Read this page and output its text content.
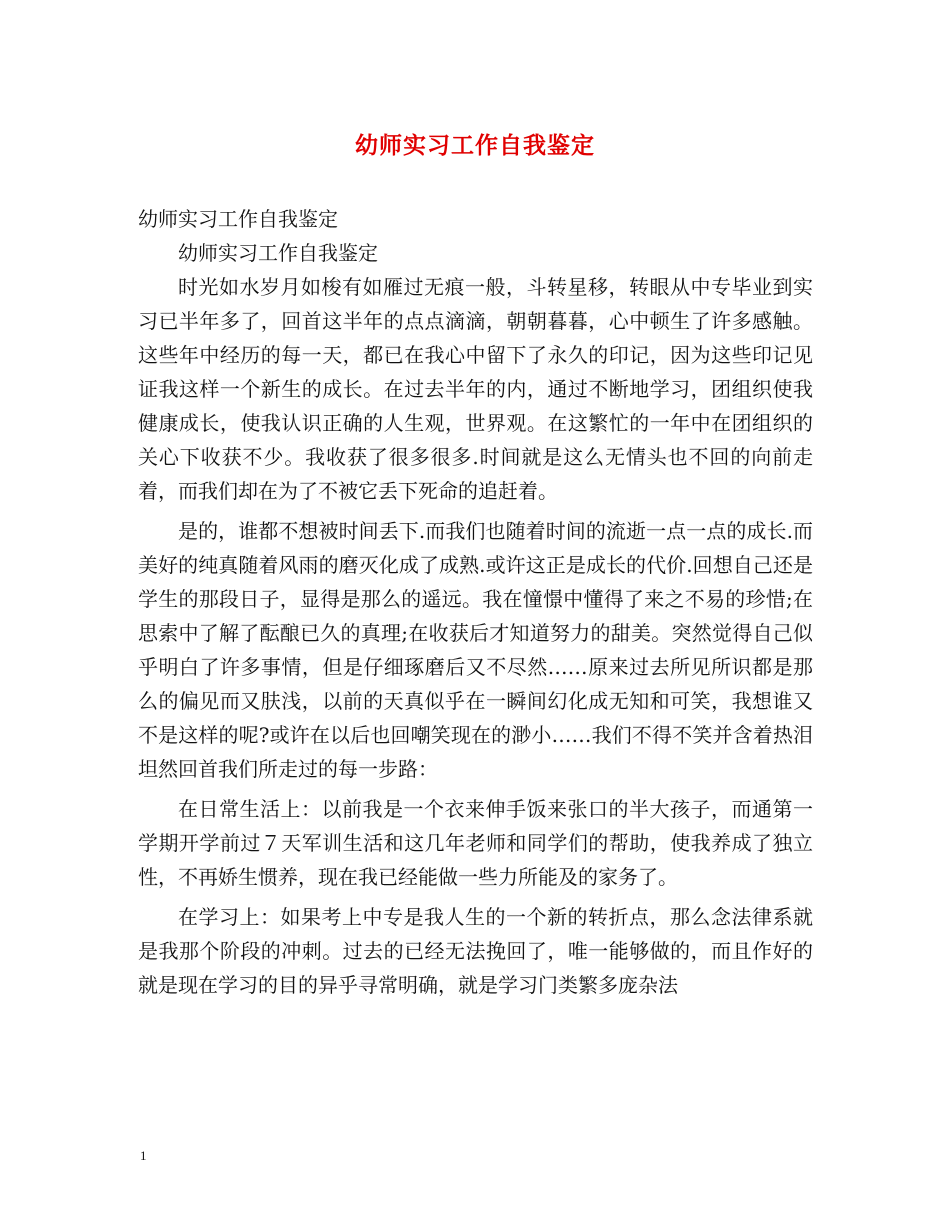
幼师实习工作自我鉴定

幼师实习工作自我鉴定

幼师实习工作自我鉴定

时光如水岁月如梭有如雁过无痕一般，斗转星移，转眼从中专毕业到实习已半年多了，回首这半年的点点滴滴，朝朝暮暮，心中顿生了许多感触。这些年中经历的每一天，都已在我心中留下了永久的印记，因为这些印记见证我这样一个新生的成长。在过去半年的内，通过不断地学习，团组织使我健康成长，使我认识正确的人生观，世界观。在这繁忙的一年中在团组织的关心下收获不少。我收获了很多很多.时间就是这么无情头也不回的向前走着，而我们却在为了不被它丢下死命的追赶着。

是的，谁都不想被时间丢下.而我们也随着时间的流逝一点一点的成长.而美好的纯真随着风雨的磨灭化成了成熟.或许这正是成长的代价.回想自己还是学生的那段日子，显得是那么的遥远。我在憧憬中懂得了来之不易的珍惜;在思索中了解了酝酿已久的真理;在收获后才知道努力的甜美。突然觉得自己似乎明白了许多事情，但是仔细琢磨后又不尽然……原来过去所见所识都是那么的偏见而又肤浅，以前的天真似乎在一瞬间幻化成无知和可笑，我想谁又不是这样的呢?或许在以后也回嘲笑现在的渺小……我们不得不笑并含着热泪坦然回首我们所走过的每一步路：

在日常生活上：以前我是一个衣来伸手饭来张口的半大孩子，而通第一学期开学前过７天军训生活和这几年老师和同学们的帮助，使我养成了独立性，不再娇生惯养，现在我已经能做一些力所能及的家务了。

在学习上：如果考上中专是我人生的一个新的转折点，那么念法律系就是我那个阶段的冲刺。过去的已经无法挽回了，唯一能够做的，而且作好的就是现在学习的目的异乎寻常明确，就是学习门类繁多庞杂法

1
